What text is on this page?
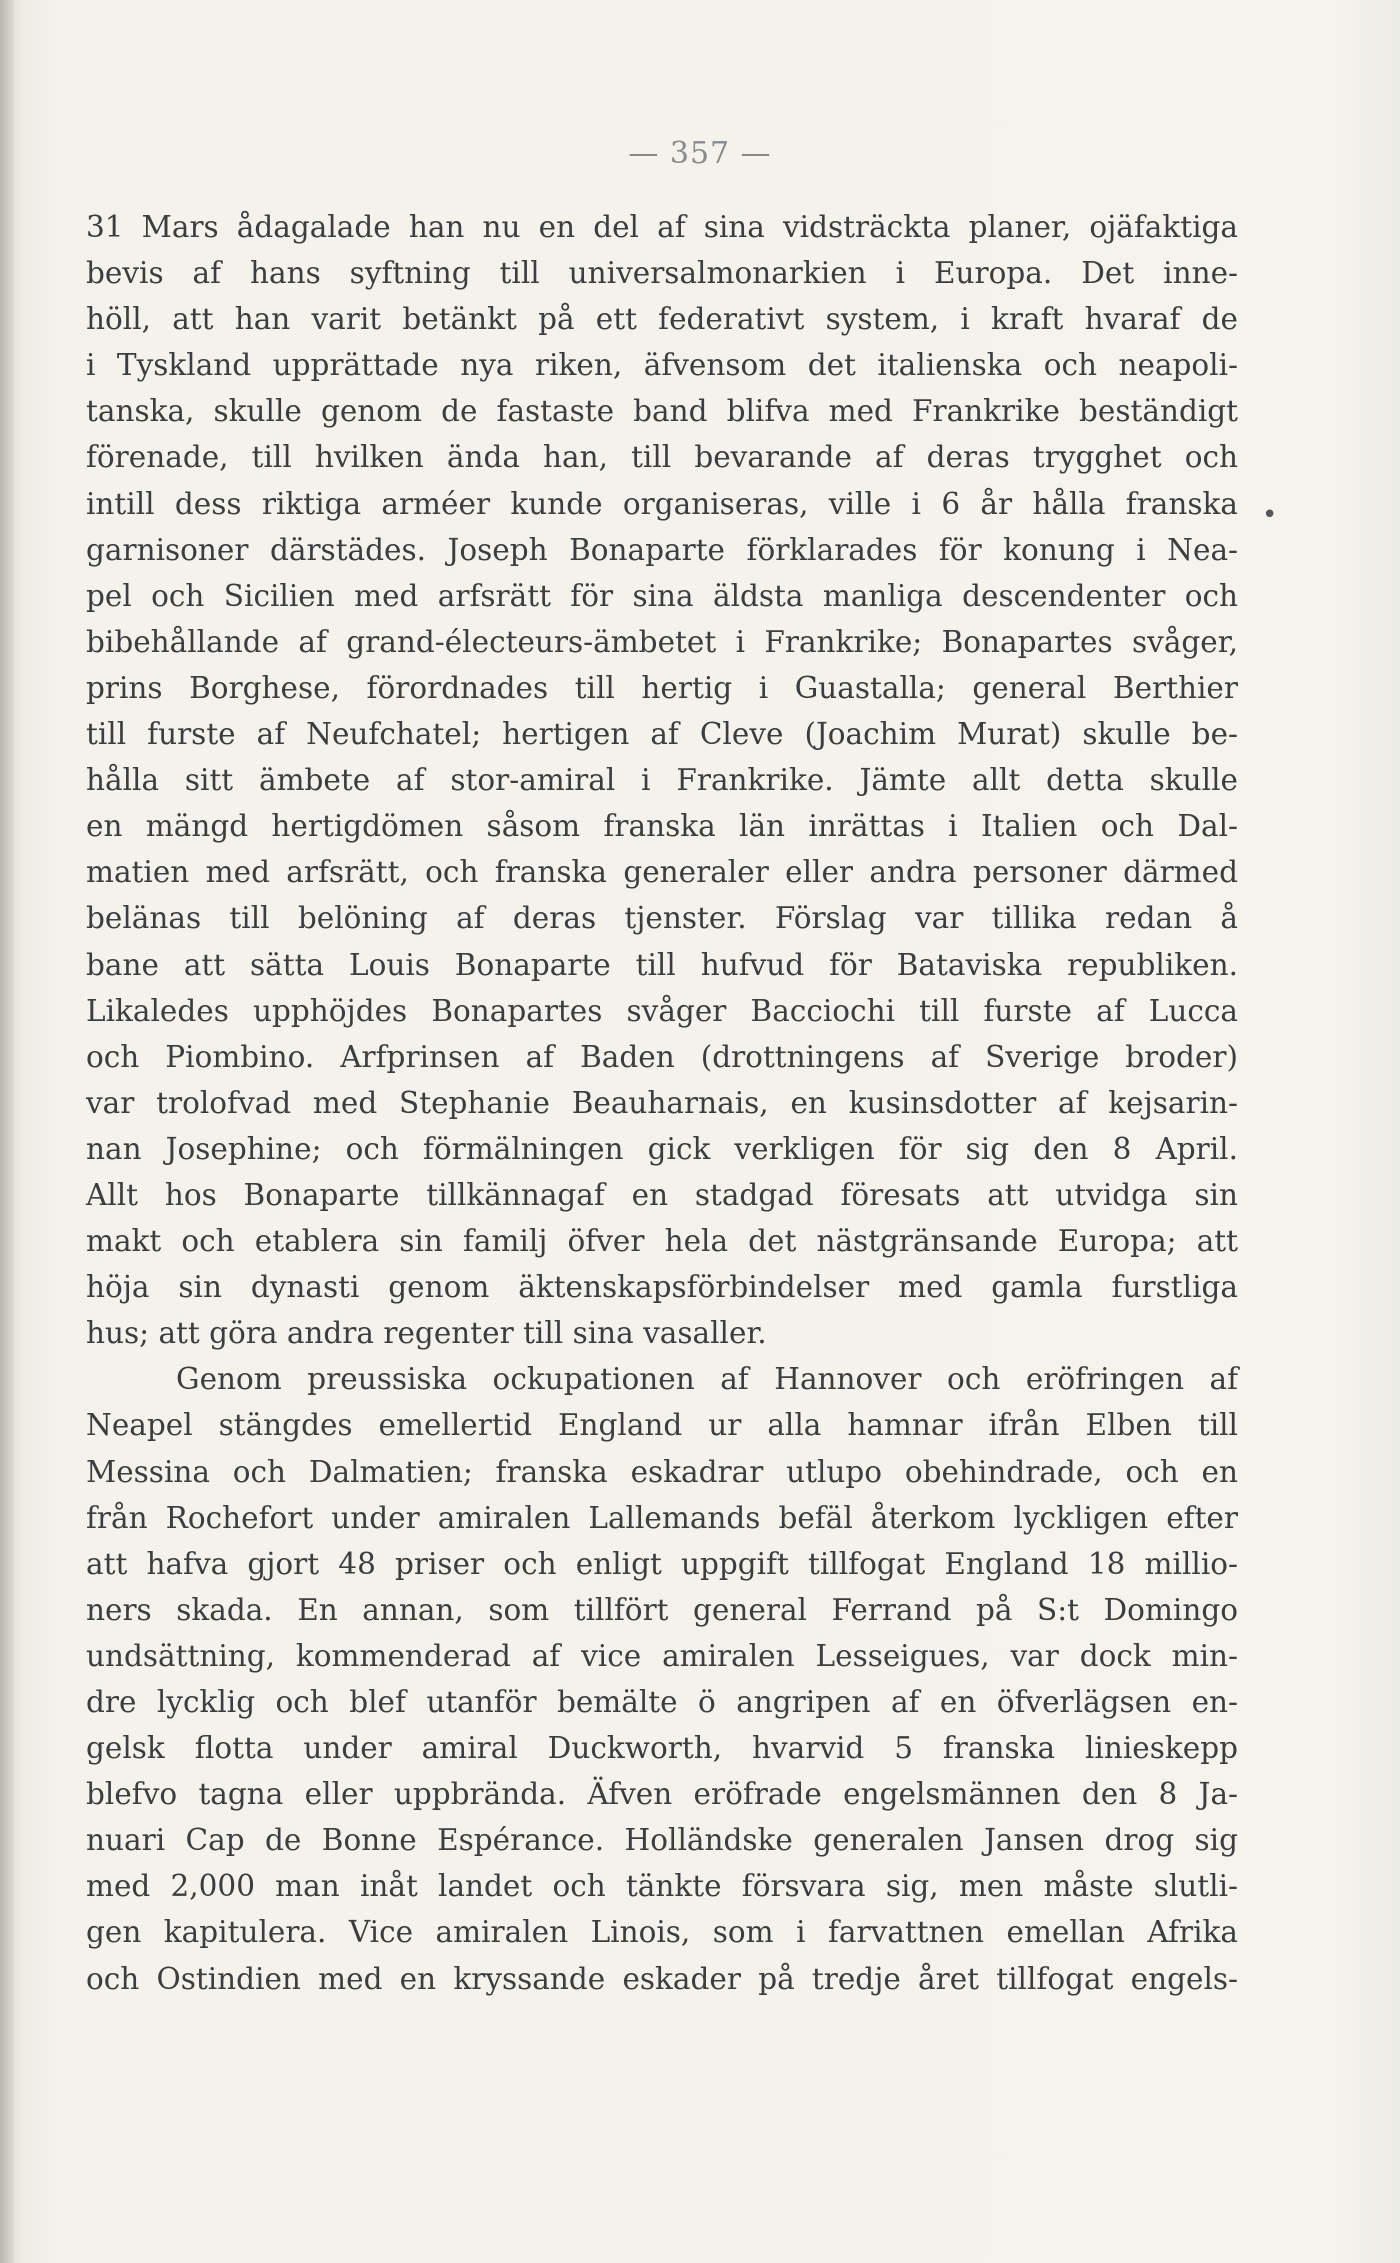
— 357 —
31 Mars ådagalade han nu en del af sina vidsträckta planer, ojäfaktiga
bevis af hans syftning till universalmonarkien i Europa. Det inne-
höll, att han varit betänkt på ett federativt system, i kraft hvaraf de
i Tyskland upprättade nya riken, äfvensom det italienska och neapoli-
tanska, skulle genom de fastaste band blifva med Frankrike beständigt
förenade, till hvilken ända han, till bevarande af deras trygghet och
intill dess riktiga arméer kunde organiseras, ville i 6 år hålla franska
garnisoner därstädes. Joseph Bonaparte förklarades för konung i Nea-
pel och Sicilien med arfsrätt för sina äldsta manliga descendenter och
bibehållande af grand-électeurs-ämbetet i Frankrike; Bonapartes svåger,
prins Borghese, förordnades till hertig i Guastalla; general Berthier
till furste af Neufchatel; hertigen af Cleve (Joachim Murat) skulle be-
hålla sitt ämbete af stor-amiral i Frankrike. Jämte allt detta skulle
en mängd hertigdömen såsom franska län inrättas i Italien och Dal-
matien med arfsrätt, och franska generaler eller andra personer därmed
belänas till belöning af deras tjenster. Förslag var tillika redan å
bane att sätta Louis Bonaparte till hufvud för Bataviska republiken.
Likaledes upphöjdes Bonapartes svåger Bacciochi till furste af Lucca
och Piombino. Arfprinsen af Baden (drottningens af Sverige broder)
var trolofvad med Stephanie Beauharnais, en kusinsdotter af kejsarin-
nan Josephine; och förmälningen gick verkligen för sig den 8 April.
Allt hos Bonaparte tillkännagaf en stadgad föresats att utvidga sin
makt och etablera sin familj öfver hela det nästgränsande Europa; att
höja sin dynasti genom äktenskapsförbindelser med gamla furstliga
hus; att göra andra regenter till sina vasaller.
Genom preussiska ockupationen af Hannover och eröfringen af
Neapel stängdes emellertid England ur alla hamnar ifrån Elben till
Messina och Dalmatien; franska eskadrar utlupo obehindrade, och en
från Rochefort under amiralen Lallemands befäl återkom lyckligen efter
att hafva gjort 48 priser och enligt uppgift tillfogat England 18 millio-
ners skada. En annan, som tillfört general Ferrand på S:t Domingo
undsättning, kommenderad af vice amiralen Lesseigues, var dock min-
dre lycklig och blef utanför bemälte ö angripen af en öfverlägsen en-
gelsk flotta under amiral Duckworth, hvarvid 5 franska linieskepp
blefvo tagna eller uppbrända. Äfven eröfrade engelsmännen den 8 Ja-
nuari Cap de Bonne Espérance. Holländske generalen Jansen drog sig
med 2,000 man inåt landet och tänkte försvara sig, men måste slutli-
gen kapitulera. Vice amiralen Linois, som i farvattnen emellan Afrika
och Ostindien med en kryssande eskader på tredje året tillfogat engels-
•
